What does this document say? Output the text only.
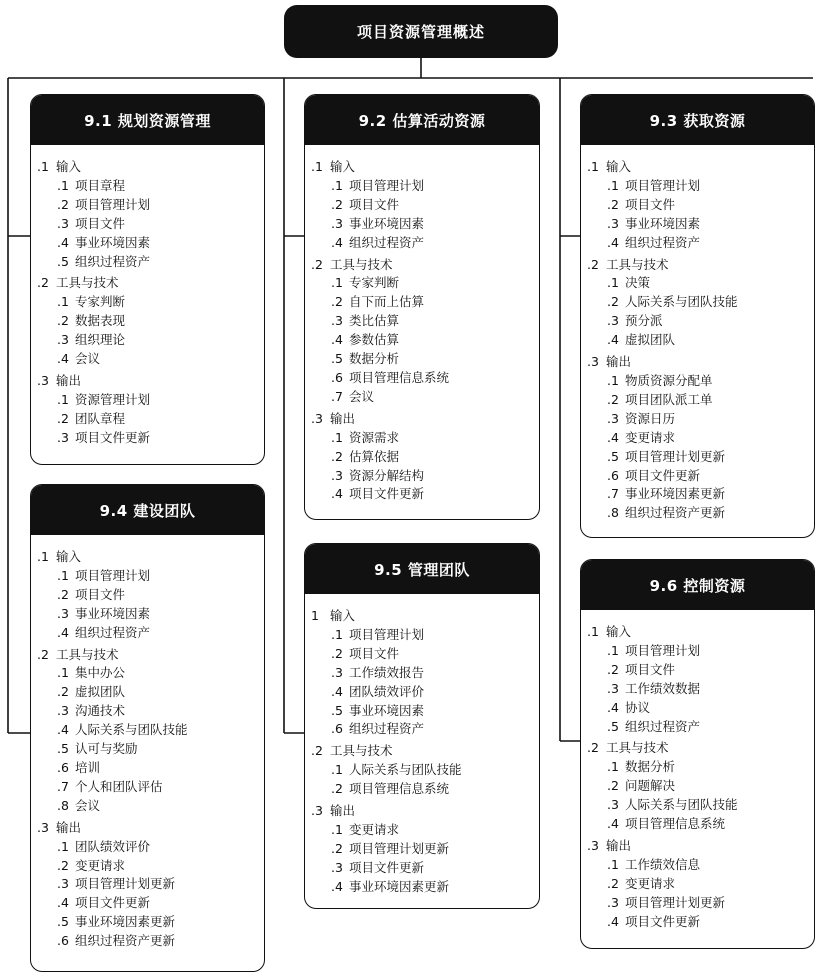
项目资源管理概述
9.1 规划资源管理
.1 输入
.1 项目章程
.2 项目管理计划
.3 项目文件
.4 事业环境因素
.5 组织过程资产
.2 工具与技术
.1 专家判断
.2 数据表现
.3 组织理论
.4 会议
.3 输出
.1 资源管理计划
.2 团队章程
.3 项目文件更新
9.2 估算活动资源
.1 输入
.1 项目管理计划
.2 项目文件
.3 事业环境因素
.4 组织过程资产
.2 工具与技术
.1 专家判断
.2 自下而上估算
.3 类比估算
.4 参数估算
.5 数据分析
.6 项目管理信息系统
.7 会议
.3 输出
.1 资源需求
.2 估算依据
.3 资源分解结构
.4 项目文件更新
9.3 获取资源
.1 输入
.1 项目管理计划
.2 项目文件
.3 事业环境因素
.4 组织过程资产
.2 工具与技术
.1 决策
.2 人际关系与团队技能
.3 预分派
.4 虚拟团队
.3 输出
.1 物质资源分配单
.2 项目团队派工单
.3 资源日历
.4 变更请求
.5 项目管理计划更新
.6 项目文件更新
.7 事业环境因素更新
.8 组织过程资产更新
9.4 建设团队
.1 输入
.1 项目管理计划
.2 项目文件
.3 事业环境因素
.4 组织过程资产
.2 工具与技术
.1 集中办公
.2 虚拟团队
.3 沟通技术
.4 人际关系与团队技能
.5 认可与奖励
.6 培训
.7 个人和团队评估
.8 会议
.3 输出
.1 团队绩效评价
.2 变更请求
.3 项目管理计划更新
.4 项目文件更新
.5 事业环境因素更新
.6 组织过程资产更新
9.5 管理团队
1 输入
.1 项目管理计划
.2 项目文件
.3 工作绩效报告
.4 团队绩效评价
.5 事业环境因素
.6 组织过程资产
.2 工具与技术
.1 人际关系与团队技能
.2 项目管理信息系统
.3 输出
.1 变更请求
.2 项目管理计划更新
.3 项目文件更新
.4 事业环境因素更新
9.6 控制资源
.1 输入
.1 项目管理计划
.2 项目文件
.3 工作绩效数据
.4 协议
.5 组织过程资产
.2 工具与技术
.1 数据分析
.2 问题解决
.3 人际关系与团队技能
.4 项目管理信息系统
.3 输出
.1 工作绩效信息
.2 变更请求
.3 项目管理计划更新
.4 项目文件更新
